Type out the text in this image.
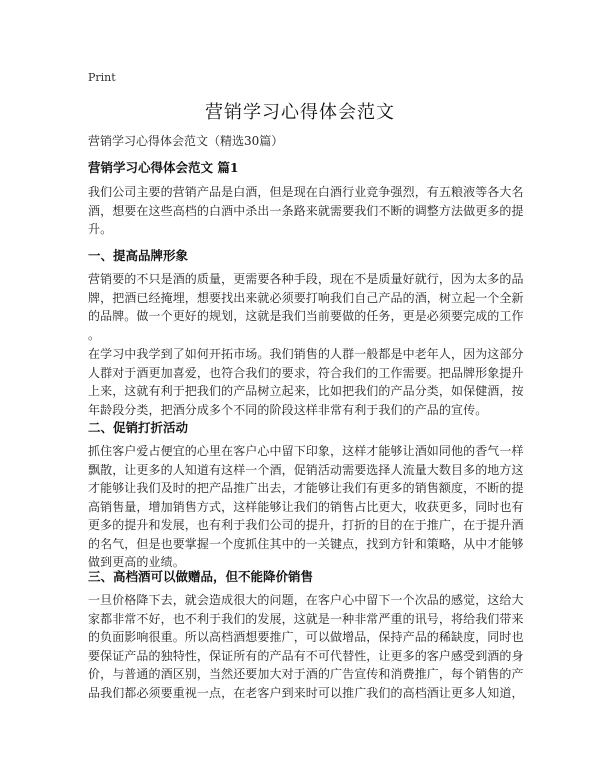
Print
营销学习心得体会范文
营销学习心得体会范文（精选30篇）
营销学习心得体会范文 篇1
我们公司主要的营销产品是白酒，但是现在白酒行业竞争强烈，有五粮液等各大名
酒，想要在这些高档的白酒中杀出一条路来就需要我们不断的调整方法做更多的提
升。
一、提高品牌形象
营销要的不只是酒的质量，更需要各种手段，现在不是质量好就行，因为太多的品
牌，把酒已经掩埋，想要找出来就必须要打响我们自己产品的酒，树立起一个全新
的品牌。做一个更好的规划，这就是我们当前要做的任务，更是必须要完成的工作
。
在学习中我学到了如何开拓市场。我们销售的人群一般都是中老年人，因为这部分
人群对于酒更加喜爱，也符合我们的要求，符合我们的工作需要。把品牌形象提升
上来，这就有利于把我们的产品树立起来，比如把我们的产品分类，如保健酒，按
年龄段分类，把酒分成多个不同的阶段这样非常有利于我们的产品的宣传。
二、促销打折活动
抓住客户爱占便宜的心里在客户心中留下印象，这样才能够让酒如同他的香气一样
飘散，让更多的人知道有这样一个酒，促销活动需要选择人流量大数目多的地方这
才能够让我们及时的把产品推广出去，才能够让我们有更多的销售额度，不断的提
高销售量，增加销售方式，这样能够让我们的销售占比更大，收获更多，同时也有
更多的提升和发展，也有利于我们公司的提升，打折的目的在于推广，在于提升酒
的名气，但是也要掌握一个度抓住其中的一关键点，找到方针和策略，从中才能够
做到更高的业绩。
三、高档酒可以做赠品，但不能降价销售
一旦价格降下去，就会造成很大的问题，在客户心中留下一个次品的感觉，这给大
家都非常不好，也不利于我们的发展，这就是一种非常严重的讯号，将给我们带来
的负面影响很重。所以高档酒想要推广，可以做增品，保持产品的稀缺度，同时也
要保证产品的独特性，保证所有的产品有不可代替性，让更多的客户感受到酒的身
价，与普通的酒区别，当然还要加大对于酒的广告宣传和消费推广，每个销售的产
品我们都必须要重视一点，在老客户到来时可以推广我们的高档酒让更多人知道，
